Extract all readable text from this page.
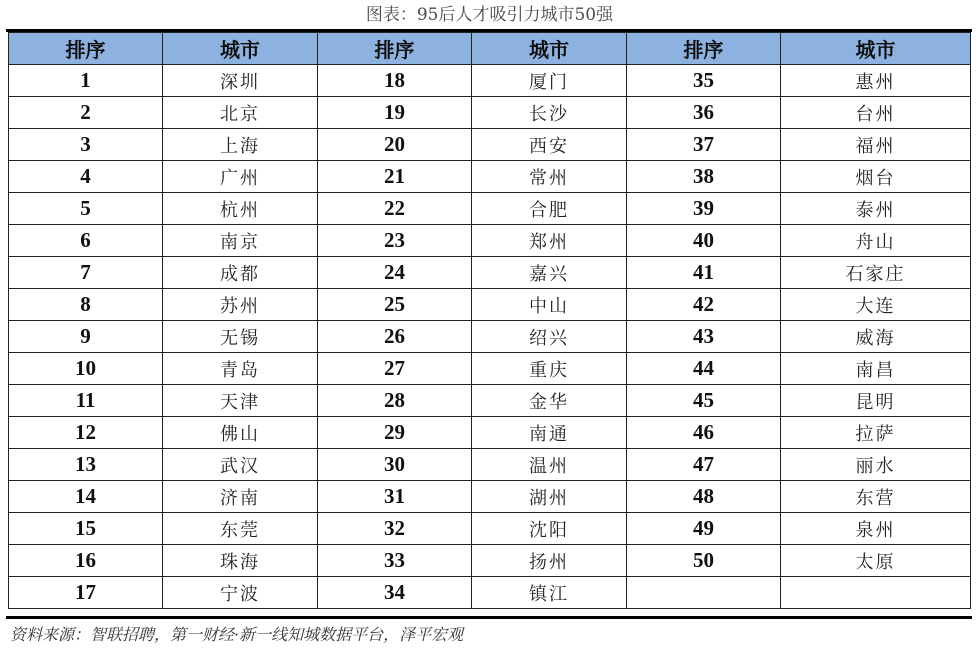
图表：95后人才吸引力城市50强
排序	城市	排序	城市	排序	城市
1	深圳	18	厦门	35	惠州
2	北京	19	长沙	36	台州
3	上海	20	西安	37	福州
4	广州	21	常州	38	烟台
5	杭州	22	合肥	39	泰州
6	南京	23	郑州	40	舟山
7	成都	24	嘉兴	41	石家庄
8	苏州	25	中山	42	大连
9	无锡	26	绍兴	43	威海
10	青岛	27	重庆	44	南昌
11	天津	28	金华	45	昆明
12	佛山	29	南通	46	拉萨
13	武汉	30	温州	47	丽水
14	济南	31	湖州	48	东营
15	东莞	32	沈阳	49	泉州
16	珠海	33	扬州	50	太原
17	宁波	34	镇江		
资料来源：智联招聘，第一财经·新一线知城数据平台，泽平宏观
